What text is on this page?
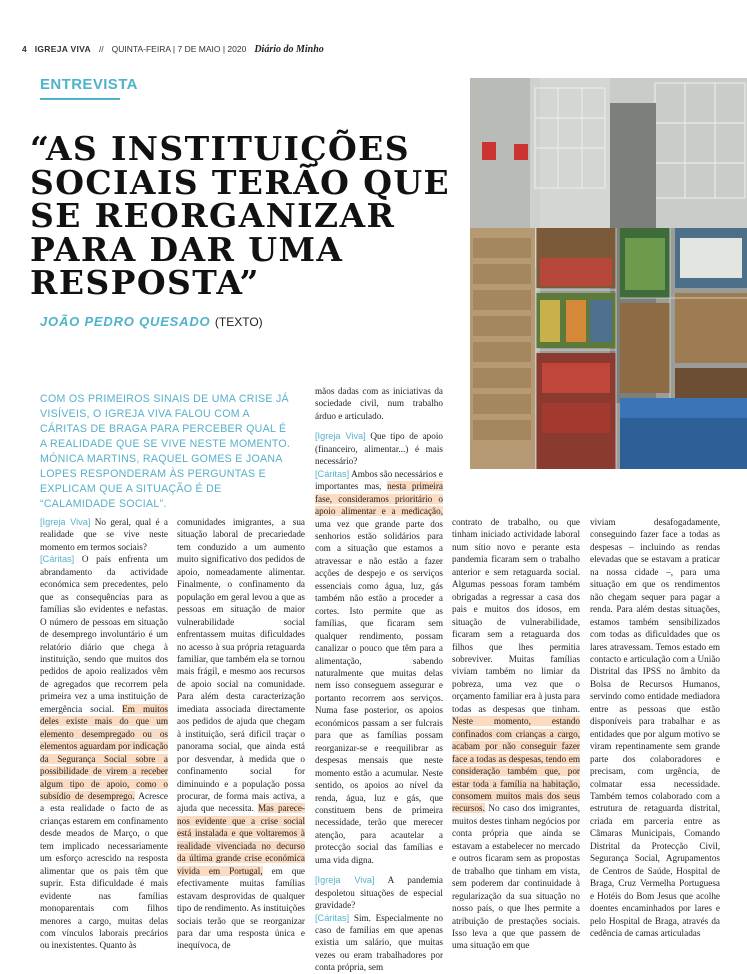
4 IGREJA VIVA // QUINTA-FEIRA | 7 DE MAIO | 2020 Diário do Minho
ENTREVISTA
“AS INSTITUIÇÕES SOCIAIS TERÃO QUE SE REORGANIZAR PARA DAR UMA RESPOSTA”
JOÃO PEDRO QUESADO (TEXTO)
COM OS PRIMEIROS SINAIS DE UMA CRISE JÁ VISÍVEIS, O IGREJA VIVA FALOU COM A CÁRITAS DE BRAGA PARA PERCEBER QUAL É A REALIDADE QUE SE VIVE NESTE MOMENTO. MÓNICA MARTINS, RAQUEL GOMES E JOANA LOPES RESPONDERAM ÀS PERGUNTAS E EXPLICAM QUE A SITUAÇÃO É DE “CALAMIDADE SOCIAL”.

[Igreja Viva] No geral, qual é a realidade que se vive neste momento em termos sociais?

[Cáritas] O país enfrenta um abrandamento da actividade económica sem precedentes, pelo que as consequências para as famílias são evidentes e nefastas. O número de pessoas em situação de desemprego involuntário é um relatório diário que chega à instituição, sendo que muitos dos pedidos de apoio realizados vêm de agregados que recorrem pela primeira vez a uma instituição de emergência social. Em muitos deles existe mais do que um elemento desempregado ou os elementos aguardam por indicação da Segurança Social sobre a possibilidade de virem a receber algum tipo de apoio, como o subsídio de desemprego. Acresce a esta realidade o facto de as crianças estarem em confinamento desde meados de Março, o que tem implicado necessariamente um esforço acrescido na resposta alimentar que os pais têm que suprir. Esta dificuldade é mais evidente nas famílias monoparentais com filhos menores a cargo, muitas delas com vínculos laborais precários ou inexistentes. Quanto às

comunidades imigrantes, a sua situação laboral de precariedade tem conduzido a um aumento muito significativo dos pedidos de apoio, nomeadamente alimentar. Finalmente, o confinamento da população em geral levou a que as pessoas em situação de maior vulnerabilidade social enfrentassem muitas dificuldades no acesso à sua própria retaguarda familiar, que também ela se tornou mais frágil, e mesmo aos recursos de apoio social na comunidade. Para além desta caracterização imediata associada directamente aos pedidos de ajuda que chegam à instituição, será difícil traçar o panorama social, que ainda está por desvendar, à medida que o confinamento social for diminuindo e a população possa procurar, de forma mais activa, a ajuda que necessita. Mas parece-nos evidente que a crise social está instalada e que voltaremos à realidade vivenciada no decurso da última grande crise económica vivida em Portugal, em que efectivamente muitas famílias estavam desprovidas de qualquer tipo de rendimento. As instituições sociais terão que se reorganizar para dar uma resposta única e inequívoca, de

mãos dadas com as iniciativas da sociedade civil, num trabalho árduo e articulado.

[Igreja Viva] Que tipo de apoio (financeiro, alimentar...) é mais necessário?

[Cáritas] Ambos são necessários e importantes mas, nesta primeira fase, consideramos prioritário o apoio alimentar e a medicação, uma vez que grande parte dos senhorios estão solidários para com a situação que estamos a atravessar e não estão a fazer acções de despejo e os serviços essenciais como água, luz, gás também não estão a proceder a cortes. Isto permite que as famílias, que ficaram sem qualquer rendimento, possam canalizar o pouco que têm para a alimentação, sabendo naturalmente que muitas delas nem isso conseguem assegurar e portanto recorrem aos serviços. Numa fase posterior, os apoios económicos passam a ser fulcrais para que as famílias possam reorganizar-se e reequilibrar as despesas mensais que neste momento estão a acumular. Neste sentido, os apoios ao nível da renda, água, luz e gás, que constituem bens de primeira necessidade, terão que merecer atenção, para acautelar a protecção social das famílias e uma vida digna.

[Igreja Viva] A pandemia despoletou situações de especial gravidade?

[Cáritas] Sim. Especialmente no caso de famílias em que apenas existia um salário, que muitas vezes ou eram trabalhadores por conta própria, sem

contrato de trabalho, ou que tinham iniciado actividade laboral num sítio novo e perante esta pandemia ficaram sem o trabalho anterior e sem retaguarda social. Algumas pessoas foram também obrigadas a regressar a casa dos pais e muitos dos idosos, em situação de vulnerabilidade, ficaram sem a retaguarda dos filhos que lhes permitia sobreviver. Muitas famílias viviam também no limiar da pobreza, uma vez que o orçamento familiar era à justa para todas as despesas que tinham. Neste momento, estando confinados com crianças a cargo, acabam por não conseguir fazer face a todas as despesas, tendo em consideração também que, por estar toda a família na habitação, consomem muitos mais dos seus recursos. No caso dos imigrantes, muitos destes tinham negócios por conta própria que ainda se estavam a estabelecer no mercado e outros ficaram sem as propostas de trabalho que tinham em vista, sem poderem dar continuidade à regularização da sua situação no nosso país, o que lhes permite a atribuição de prestações sociais. Isso leva a que que passem de uma situação em que

viviam desafogadamente, conseguindo fazer face a todas as despesas – incluindo as rendas elevadas que se estavam a praticar na nossa cidade –, para uma situação em que os rendimentos não chegam sequer para pagar a renda. Para além destas situações, estamos também sensibilizados com todas as dificuldades que os lares atravessam. Temos estado em contacto e articulação com a União Distrital das IPSS no âmbito da Bolsa de Recursos Humanos, servindo como entidade mediadora entre as pessoas que estão disponíveis para trabalhar e as entidades que por algum motivo se viram repentinamente sem grande parte dos colaboradores e precisam, com urgência, de colmatar essa necessidade. Também temos colaborado com a estrutura de retaguarda distrital, criada em parceria entre as Câmaras Municipais, Comando Distrital da Protecção Civil, Segurança Social, Agrupamentos de Centros de Saúde, Hospital de Braga, Cruz Vermelha Portuguesa e Hotéis do Bom Jesus que acolhe doentes encaminhados por lares e pelo Hospital de Braga, através da cedência de camas articuladas
